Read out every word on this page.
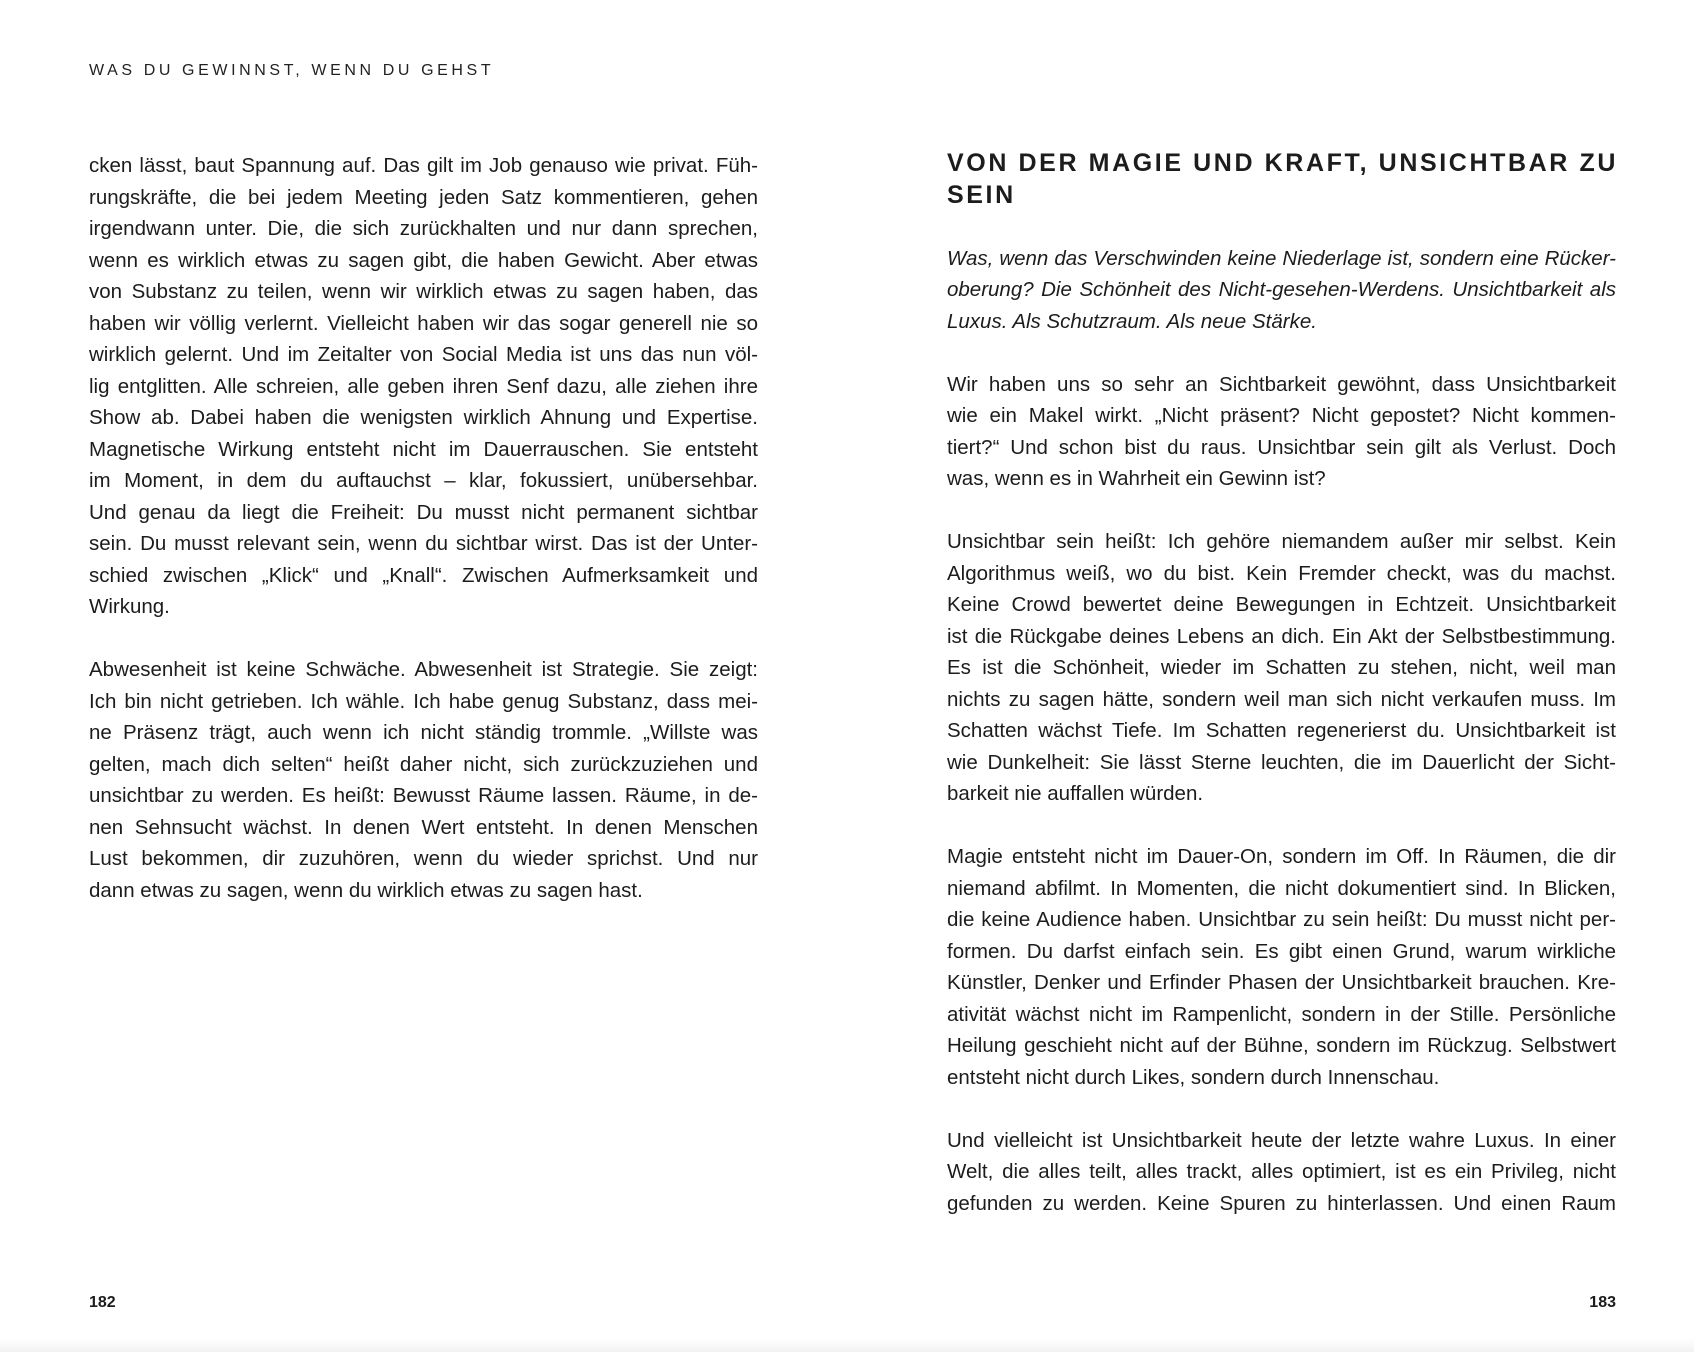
WAS DU GEWINNST, WENN DU GEHST
cken lässt, baut Spannung auf. Das gilt im Job genauso wie privat. Füh-
rungskräfte, die bei jedem Meeting jeden Satz kommentieren, gehen
irgendwann unter. Die, die sich zurückhalten und nur dann sprechen,
wenn es wirklich etwas zu sagen gibt, die haben Gewicht. Aber etwas
von Substanz zu teilen, wenn wir wirklich etwas zu sagen haben, das
haben wir völlig verlernt. Vielleicht haben wir das sogar generell nie so
wirklich gelernt. Und im Zeitalter von Social Media ist uns das nun völ-
lig entglitten. Alle schreien, alle geben ihren Senf dazu, alle ziehen ihre
Show ab. Dabei haben die wenigsten wirklich Ahnung und Expertise.
Magnetische Wirkung entsteht nicht im Dauerrauschen. Sie entsteht
im Moment, in dem du auftauchst – klar, fokussiert, unübersehbar.
Und genau da liegt die Freiheit: Du musst nicht permanent sichtbar
sein. Du musst relevant sein, wenn du sichtbar wirst. Das ist der Unter-
schied zwischen „Klick“ und „Knall“. Zwischen Aufmerksamkeit und
Wirkung.
Abwesenheit ist keine Schwäche. Abwesenheit ist Strategie. Sie zeigt:
Ich bin nicht getrieben. Ich wähle. Ich habe genug Substanz, dass mei-
ne Präsenz trägt, auch wenn ich nicht ständig trommle. „Willste was
gelten, mach dich selten“ heißt daher nicht, sich zurückzuziehen und
unsichtbar zu werden. Es heißt: Bewusst Räume lassen. Räume, in de-
nen Sehnsucht wächst. In denen Wert entsteht. In denen Menschen
Lust bekommen, dir zuzuhören, wenn du wieder sprichst. Und nur
dann etwas zu sagen, wenn du wirklich etwas zu sagen hast.
VON DER MAGIE UND KRAFT, UNSICHTBAR ZU
SEIN
Was, wenn das Verschwinden keine Niederlage ist, sondern eine Rücker-
oberung? Die Schönheit des Nicht-gesehen-Werdens. Unsichtbarkeit als
Luxus. Als Schutzraum. Als neue Stärke.
Wir haben uns so sehr an Sichtbarkeit gewöhnt, dass Unsichtbarkeit
wie ein Makel wirkt. „Nicht präsent? Nicht gepostet? Nicht kommen-
tiert?“ Und schon bist du raus. Unsichtbar sein gilt als Verlust. Doch
was, wenn es in Wahrheit ein Gewinn ist?
Unsichtbar sein heißt: Ich gehöre niemandem außer mir selbst. Kein
Algorithmus weiß, wo du bist. Kein Fremder checkt, was du machst.
Keine Crowd bewertet deine Bewegungen in Echtzeit. Unsichtbarkeit
ist die Rückgabe deines Lebens an dich. Ein Akt der Selbstbestimmung.
Es ist die Schönheit, wieder im Schatten zu stehen, nicht, weil man
nichts zu sagen hätte, sondern weil man sich nicht verkaufen muss. Im
Schatten wächst Tiefe. Im Schatten regenerierst du. Unsichtbarkeit ist
wie Dunkelheit: Sie lässt Sterne leuchten, die im Dauerlicht der Sicht-
barkeit nie auffallen würden.
Magie entsteht nicht im Dauer-On, sondern im Off. In Räumen, die dir
niemand abfilmt. In Momenten, die nicht dokumentiert sind. In Blicken,
die keine Audience haben. Unsichtbar zu sein heißt: Du musst nicht per-
formen. Du darfst einfach sein. Es gibt einen Grund, warum wirkliche
Künstler, Denker und Erfinder Phasen der Unsichtbarkeit brauchen. Kre-
ativität wächst nicht im Rampenlicht, sondern in der Stille. Persönliche
Heilung geschieht nicht auf der Bühne, sondern im Rückzug. Selbstwert
entsteht nicht durch Likes, sondern durch Innenschau.
Und vielleicht ist Unsichtbarkeit heute der letzte wahre Luxus. In einer
Welt, die alles teilt, alles trackt, alles optimiert, ist es ein Privileg, nicht
gefunden zu werden. Keine Spuren zu hinterlassen. Und einen Raum
182	183
